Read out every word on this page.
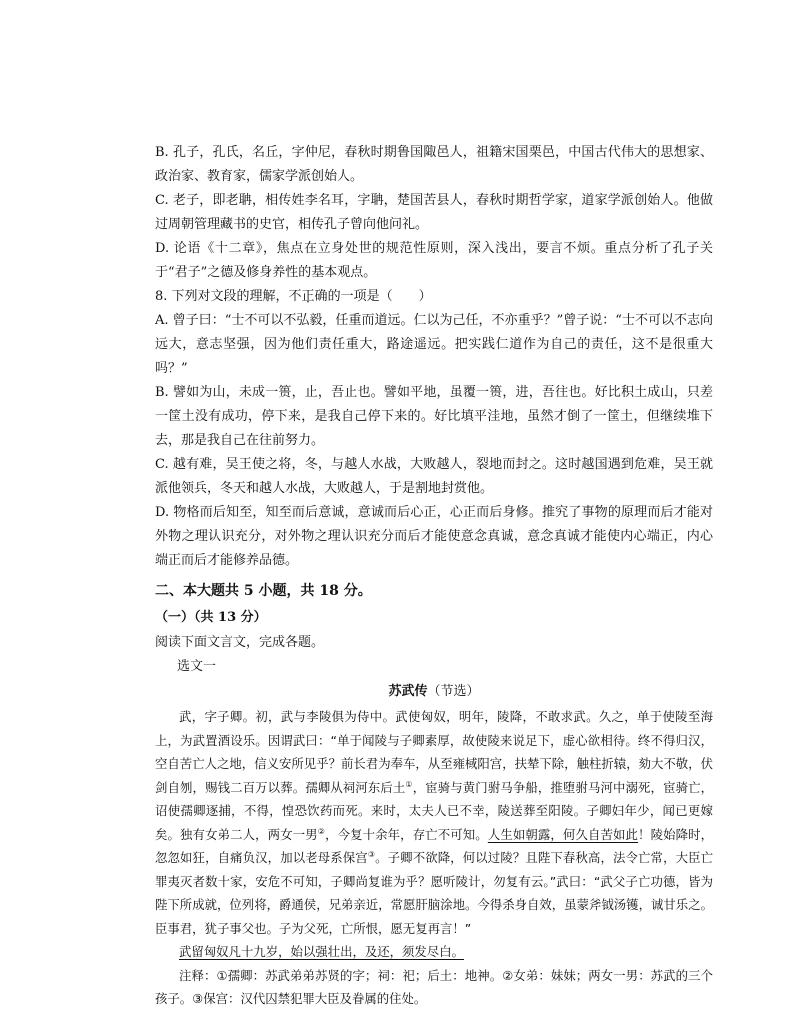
B. 孔子，孔氏，名丘，字仲尼，春秋时期鲁国陬邑人，祖籍宋国栗邑，中国古代伟大的思想家、政治家、教育家，儒家学派创始人。

C. 老子，即老聃，相传姓李名耳，字聃，楚国苦县人，春秋时期哲学家，道家学派创始人。他做过周朝管理藏书的史官，相传孔子曾向他问礼。

D. 论语《十二章》，焦点在立身处世的规范性原则，深入浅出，要言不烦。重点分析了孔子关于“君子”之德及修身养性的基本观点。

8. 下列对文段的理解，不正确的一项是（　　）

A. 曾子曰：“士不可以不弘毅，任重而道远。仁以为己任，不亦重乎？”曾子说：“士不可以不志向远大，意志坚强，因为他们责任重大，路途遥远。把实践仁道作为自己的责任，这不是很重大吗？”

B. 譬如为山，未成一篑，止，吾止也。譬如平地，虽覆一篑，进，吾往也。好比积土成山，只差一筐土没有成功，停下来，是我自己停下来的。好比填平洼地，虽然才倒了一筐土，但继续堆下去，那是我自己在往前努力。

C. 越有难，吴王使之将，冬，与越人水战，大败越人，裂地而封之。这时越国遇到危难，吴王就派他领兵，冬天和越人水战，大败越人，于是割地封赏他。

D. 物格而后知至，知至而后意诚，意诚而后心正，心正而后身修。推究了事物的原理而后才能对外物之理认识充分，对外物之理认识充分而后才能使意念真诚，意念真诚才能使内心端正，内心端正而后才能修养品德。

二、本大题共 5 小题，共 18 分。

（一）（共 13 分）

阅读下面文言文，完成各题。

选文一

苏武传（节选）

武，字子卿。初，武与李陵俱为侍中。武使匈奴，明年，陵降，不敢求武。久之，单于使陵至海上，为武置酒设乐。因谓武曰：“单于闻陵与子卿素厚，故使陵来说足下，虚心欲相待。终不得归汉，空自苦亡人之地，信义安所见乎？前长君为奉车，从至雍棫阳宫，扶辇下除，触柱折辕，劾大不敬，伏剑自刎，赐钱二百万以葬。孺卿从祠河东后土①，宦骑与黄门驸马争船，推堕驸马河中溺死，宦骑亡，诏使孺卿逐捕，不得，惶恐饮药而死。来时，太夫人已不幸，陵送葬至阳陵。子卿妇年少，闻已更嫁矣。独有女弟二人，两女一男②，今复十余年，存亡不可知。人生如朝露，何久自苦如此！陵始降时，忽忽如狂，自痛负汉，加以老母系保宫③。子卿不欲降，何以过陵？且陛下春秋高，法令亡常，大臣亡罪夷灭者数十家，安危不可知，子卿尚复谁为乎？愿听陵计，勿复有云。”武曰：“武父子亡功德，皆为陛下所成就，位列将，爵通侯，兄弟亲近，常愿肝脑涂地。今得杀身自效，虽蒙斧钺汤镬，诚甘乐之。臣事君，犹子事父也。子为父死，亡所恨，愿无复再言！”

武留匈奴凡十九岁，始以强壮出，及还，须发尽白。

注释：①孺卿：苏武弟弟苏贤的字；祠：祀；后土：地神。②女弟：妹妹；两女一男：苏武的三个孩子。③保宫：汉代囚禁犯罪大臣及眷属的住处。
